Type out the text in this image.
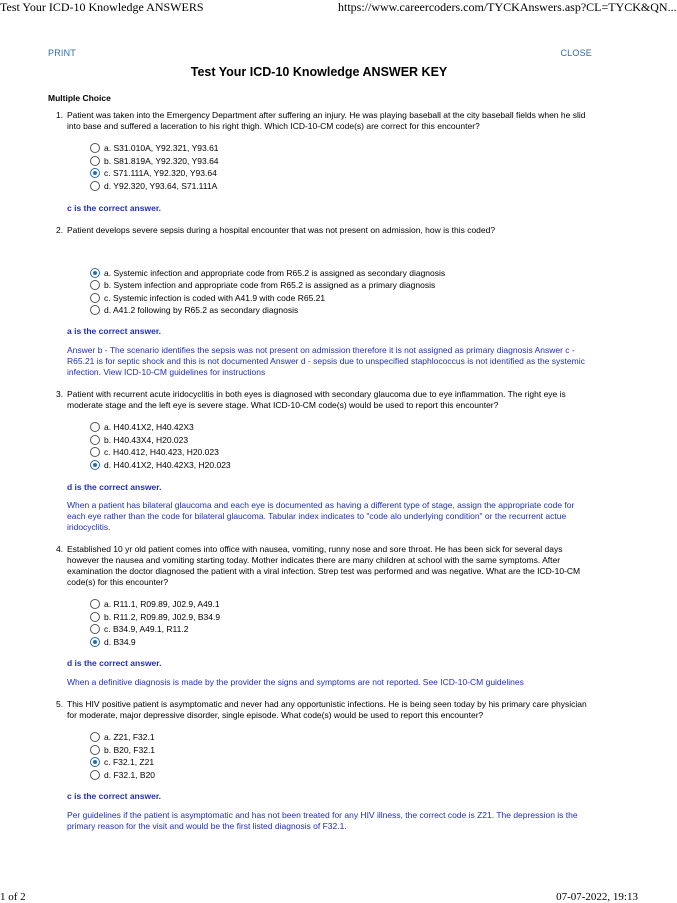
Test Your ICD-10 Knowledge ANSWERS	https://www.careercoders.com/TYCKAnswers.asp?CL=TYCK&QN...
PRINT	CLOSE
Test Your ICD-10 Knowledge ANSWER KEY
Multiple Choice
1. Patient was taken into the Emergency Department after suffering an injury. He was playing baseball at the city baseball fields when he slid into base and suffered a laceration to his right thigh. Which ICD-10-CM code(s) are correct for this encounter?
a. S31.010A, Y92.321, Y93.61
b. S81.819A, Y92.320, Y93.64
c. S71.111A, Y92.320, Y93.64
d. Y92.320, Y93.64, S71.111A
c is the correct answer.
2. Patient develops severe sepsis during a hospital encounter that was not present on admission, how is this coded?
a. Systemic infection and appropriate code from R65.2 is assigned as secondary diagnosis
b. System infection and appropriate code from R65.2 is assigned as a primary diagnosis
c. Systemic infection is coded with A41.9 with code R65.21
d. A41.2 following by R65.2 as secondary diagnosis
a is the correct answer.
Answer b - The scenario identifies the sepsis was not present on admission therefore it is not assigned as primary diagnosis Answer c - R65.21 is for septic shock and this is not documented Answer d - sepsis due to unspecified staphlococcus is not identified as the systemic infection. View ICD-10-CM guidelines for instructions
3. Patient with recurrent acute iridocyclitis in both eyes is diagnosed with secondary glaucoma due to eye inflammation. The right eye is moderate stage and the left eye is severe stage. What ICD-10-CM code(s) would be used to report this encounter?
a. H40.41X2, H40.42X3
b. H40.43X4, H20.023
c. H40.412, H40.423, H20.023
d. H40.41X2, H40.42X3, H20.023
d is the correct answer.
When a patient has bilateral glaucoma and each eye is documented as having a different type of stage, assign the appropriate code for each eye rather than the code for bilateral glaucoma. Tabular index indicates to "code alo underlying condition" or the recurrent actue iridocyclitis.
4. Established 10 yr old patient comes into office with nausea, vomiting, runny nose and sore throat. He has been sick for several days however the nausea and vomiting starting today. Mother indicates there are many children at school with the same symptoms. After examination the doctor diagnosed the patient with a viral infection. Strep test was performed and was negative. What are the ICD-10-CM code(s) for this encounter?
a. R11.1, R09.89, J02.9, A49.1
b. R11.2, R09.89, J02.9, B34.9
c. B34.9, A49.1, R11.2
d. B34.9
d is the correct answer.
When a definitive diagnosis is made by the provider the signs and symptoms are not reported. See ICD-10-CM guidelines
5. This HIV positive patient is asymptomatic and never had any opportunistic infections. He is being seen today by his primary care physician for moderate, major depressive disorder, single episode. What code(s) would be used to report this encounter?
a. Z21, F32.1
b. B20, F32.1
c. F32.1, Z21
d. F32.1, B20
c is the correct answer.
Per guidelines if the patient is asymptomatic and has not been treated for any HIV illness, the correct code is Z21. The depression is the primary reason for the visit and would be the first listed diagnosis of F32.1.
1 of 2	07-07-2022, 19:13
